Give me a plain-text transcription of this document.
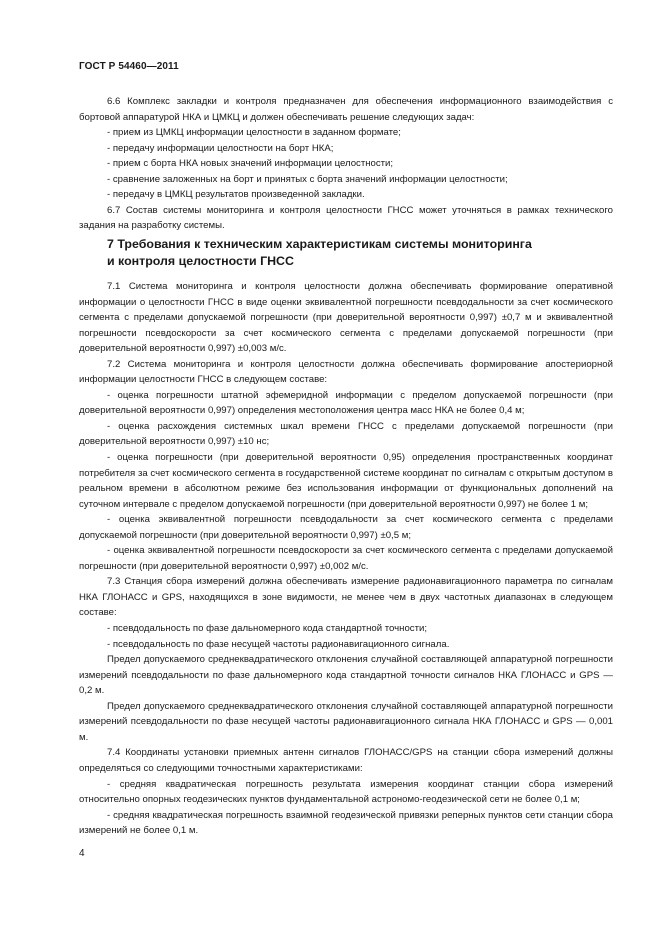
ГОСТ Р 54460—2011

6.6 Комплекс закладки и контроля предназначен для обеспечения информационного взаимодействия с бортовой аппаратурой НКА и ЦМКЦ и должен обеспечивать решение следующих задач:

- прием из ЦМКЦ информации целостности в заданном формате;

- передачу информации целостности на борт НКА;

- прием с борта НКА новых значений информации целостности;

- сравнение заложенных на борт и принятых с борта значений информации целостности;

- передачу в ЦМКЦ результатов произведенной закладки.

6.7 Состав системы мониторинга и контроля целостности ГНСС может уточняться в рамках технического задания на разработку системы.

7 Требования к техническим характеристикам системы мониторинга

и контроля целостности ГНСС

7.1 Система мониторинга и контроля целостности должна обеспечивать формирование оперативной информации о целостности ГНСС в виде оценки эквивалентной погрешности псевдодальности за счет космического сегмента с пределами допускаемой погрешности (при доверительной вероятности 0,997) ±0,7 м и эквивалентной погрешности псевдоскорости за счет космического сегмента с пределами допускаемой погрешности (при доверительной вероятности 0,997) ±0,003 м/с.

7.2 Система мониторинга и контроля целостности должна обеспечивать формирование апостериорной информации целостности ГНСС в следующем составе:

- оценка погрешности штатной эфемеридной информации с пределом допускаемой погрешности (при доверительной вероятности 0,997) определения местоположения центра масс НКА не более 0,4 м;

- оценка расхождения системных шкал времени ГНСС с пределами допускаемой погрешности (при доверительной вероятности 0,997) ±10 нс;

- оценка погрешности (при доверительной вероятности 0,95) определения пространственных координат потребителя за счет космического сегмента в государственной системе координат по сигналам с открытым доступом в реальном времени в абсолютном режиме без использования информации от функциональных дополнений на суточном интервале с пределом допускаемой погрешности (при доверительной вероятности 0,997) не более 1 м;

- оценка эквивалентной погрешности псевдодальности за счет космического сегмента с пределами допускаемой погрешности (при доверительной вероятности 0,997) ±0,5 м;

- оценка эквивалентной погрешности псевдоскорости за счет космического сегмента с пределами допускаемой погрешности (при доверительной вероятности 0,997) ±0,002 м/с.

7.3 Станция сбора измерений должна обеспечивать измерение радионавигационного параметра по сигналам НКА ГЛОНАСС и GPS, находящихся в зоне видимости, не менее чем в двух частотных диапазонах в следующем составе:

- псевдодальность по фазе дальномерного кода стандартной точности;

- псевдодальность по фазе несущей частоты радионавигационного сигнала.

Предел допускаемого среднеквадратического отклонения случайной составляющей аппаратурной погрешности измерений псевдодальности по фазе дальномерного кода стандартной точности сигналов НКА ГЛОНАСС и GPS — 0,2 м.

Предел допускаемого среднеквадратического отклонения случайной составляющей аппаратурной погрешности измерений псевдодальности по фазе несущей частоты радионавигационного сигнала НКА ГЛОНАСС и GPS — 0,001 м.

7.4 Координаты установки приемных антенн сигналов ГЛОНАСС/GPS на станции сбора измерений должны определяться со следующими точностными характеристиками:

- средняя квадратическая погрешность результата измерения координат станции сбора измерений относительно опорных геодезических пунктов фундаментальной астрономо-геодезической сети не более 0,1 м;

- средняя квадратическая погрешность взаимной геодезической привязки реперных пунктов сети станции сбора измерений не более 0,1 м.

4
